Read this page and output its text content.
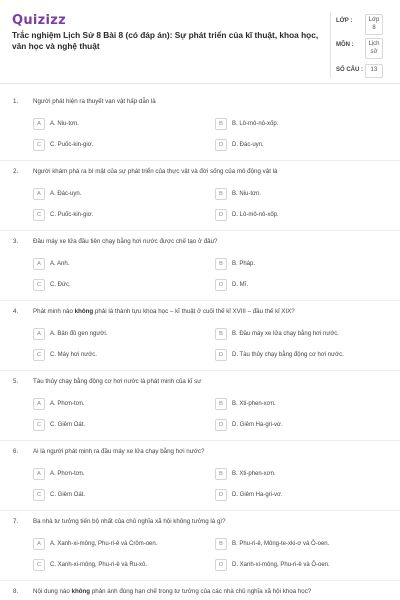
Quizizz
Trắc nghiệm Lịch Sử 8 Bài 8 (có đáp án): Sự phát triển của kĩ thuật, khoa học, văn học và nghệ thuật
LỚP :	Lớp 8
MÔN :	Lịch sử
SỐ CÂU :	13
1. Người phát hiện ra thuyết vạn vật hấp dẫn là
A	A. Niu-tơn.	B	B. Lô-mô-nô-xốp.
C	C. Puốc-kin-giơ.	D	D. Đác-uyn.
2. Người khám phá ra bí mật của sự phát triển của thực vật và đời sống của mô động vật là
A	A. Đác-uyn.	B	B. Niu-tơn.
C	C. Puốc-kin-giơ.	D	D. Lô-mô-nô-xốp.
3. Đầu máy xe lửa đầu tiên chạy bằng hơi nước được chế tạo ở đâu?
A	A. Anh.	B	B. Pháp.
C	C. Đức.	D	D. Mĩ.
4. Phát minh nào không phải là thành tựu khoa học – kĩ thuật ở cuối thế kỉ XVIII – đầu thế kỉ XIX?
A	A. Bản đồ gen người.	B	B. Đầu máy xe lửa chạy bằng hơi nước.
C	C. Máy hơi nước.	D	D. Tàu thủy chạy bằng động cơ hơi nước.
5. Tàu thủy chạy bằng động cơ hơi nước là phát minh của kĩ sư
A	A. Phơn-tơn.	B	B. Xti-phen-xơn.
C	C. Giêm Oát.	D	D. Giêm Ha-gri-vơ.
6. Ai là người phát minh ra đầu máy xe lửa chạy bằng hơi nước?
A	A. Phơn-tơn.	B	B. Xti-phen-xơn.
C	C. Giêm Oát.	D	D. Giêm Ha-gri-vơ.
7. Ba nhà tư tưởng tiến bộ nhất của chủ nghĩa xã hội không tưởng là gì?
A	A. Xanh-xi-mông, Phu-ri-ê và Crôm-oen.	B	B. Phu-ri-ê, Mông-te-xki-ơ và Ô-oen.
C	C. Xanh-xi-mông, Phu-ri-ê và Ru-xô.	D	D. Xanh-xi-mông, Phu-ri-ê và Ô-oen.
8. Nội dung nào không phản ánh đúng hạn chế trong tư tưởng của các nhà chủ nghĩa xã hội khoa học?
